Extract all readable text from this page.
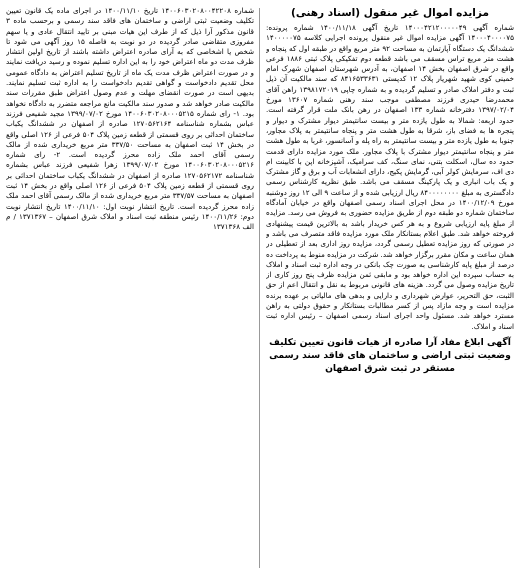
مزایده اموال غیر منقول (اسناد رهنی)

شماره آگهی ۱۴۰۰۰۴۲۱۲۰۰۰۰۰۴۹ تاریخ آگهی ۱۴۰۰/۱۱/۱۸ شماره پرونده: ۱۴۰۰۰۴۰۰۰۰۷۵ آگهی مزایده اموال غیر منقول پرونده اجرایی کلاسه ۱۴۰۰۰۰۰۷۵ ششدانگ یک دستگاه آپارتمان به مساحت ۹۲ متر مربع واقع در طبقه اول که پنجاه و هشت متر مربع تراس مسقف می باشد قطعه دوم تفکیکی پلاک ثبتی ۱۸۸۶ فرعی واقع در شرق اصفهان بخش ۱۴ اصفهان، به آدرس شهرستان اصفهان شهرک امام خمینی کوی شهید شهریار پلاک ۱۲ کدپستی ۸۴۱۶۵۳۳۶۳۱ که سند مالکیت آن ذیل ثبت و دفتر املاک صادر و تسلیم گردیده و به شماره چاپی ۱۳۹۸۱۷۲۰۱۹ راهن آقای محمدرضا حیدری فرزند مصطفی موجب سند رهنی شماره ۱۳۶۰۷ مورخ ۱۳۹۷/۰۲/۰۴ دفترخانه شماره ۱۳۳ اصفهان در رهن بانک ملت قرار گرفته است. حدود اربعه: شمالا به طول یازده متر و بیست سانتیمتر دیوار مشترک و دیوار و پنجره ها به فضای باز، شرقا به طول هشت متر و پنجاه سانتیمتر به پلاک مجاور، جنوبا به طول یازده متر و بیست سانتیمتر به راه پله و آسانسور، غربا به طول هشت متر و پنجاه سانتیمتر دیوار مشترک با پلاک مجاور. ملک مورد مزایده دارای قدمت حدود ده سال، اسکلت بتنی، نمای سنگ، کف سرامیک، آشپزخانه اپن با کابینت ام دی اف، سرمایش کولر آبی، گرمایش پکیج، دارای انشعابات آب و برق و گاز مشترک و یک باب انباری و یک پارکینگ مسقف می باشد. طبق نظریه کارشناس رسمی دادگستری به مبلغ ۸۴۰۰۰۰۰۰۰۰ ریال ارزیابی شده و از ساعت ۹ الی ۱۲ روز دوشنبه مورخ ۱۴۰۰/۱۲/۰۹ در محل اجرای اسناد رسمی اصفهان واقع در خیابان آمادگاه ساختمان شماره دو طبقه دوم از طریق مزایده حضوری به فروش می رسد. مزایده از مبلغ پایه ارزیابی شروع و به هر کس خریدار باشد به بالاترین قیمت پیشنهادی فروخته خواهد شد. طبق اعلام بستانکار ملک مورد مزایده فاقد متصرف می باشد و در صورتی که روز مزایده تعطیل رسمی گردد، مزایده روز اداری بعد از تعطیلی در همان ساعت و مکان مقرر برگزار خواهد شد. شرکت در مزایده منوط به پرداخت ده درصد از مبلغ پایه کارشناسی به صورت چک بانکی در وجه اداره ثبت اسناد و املاک به حساب سپرده این اداره خواهد بود و مابقی ثمن مزایده ظرف پنج روز کاری از تاریخ مزایده وصول می گردد. هزینه های قانونی مربوط به نقل و انتقال اعم از حق الثبت، حق التحریر، عوارض شهرداری و دارایی و بدهی های مالیاتی بر عهده برنده مزایده است و وجه مازاد پس از کسر مطالبات بستانکار و حقوق دولتی به راهن مسترد خواهد شد. مسئول واحد اجرای اسناد رسمی اصفهان – رئیس اداره ثبت اسناد و املاک.

آگهی ابلاغ مفاد آرا صادره از هیات قانون تعیین تکلیف وضعیت ثبتی اراضی و ساختمان های فاقد سند رسمی مستقر در ثبت شرق اصفهان

شماره ۱۴۰۰۶۰۳۰۲۰۸۰۰۴۲۲۰۸ تاریخ ۱۴۰۰/۱۱/۱۰ در اجرای ماده یک قانون تعیین تکلیف وضعیت ثبتی اراضی و ساختمان های فاقد سند رسمی و برحسب ماده ۳ قانون مذکور آرا ذیل که از طرف این هیات مبنی بر تایید انتقال عادی و یا سهم مفروزی متقاضی صادر گردیده در دو نوبت به فاصله ۱۵ روز آگهی می شود تا شخص یا اشخاصی که به آرای صادره اعتراض داشته باشند از تاریخ اولین انتشار ظرف مدت دو ماه اعتراض خود را به این اداره تسلیم نموده و رسید دریافت نمایند و در صورت اعتراض ظرف مدت یک ماه از تاریخ تسلیم اعتراض به دادگاه عمومی محل تقدیم دادخواست و گواهی تقدیم دادخواست را به اداره ثبت تسلیم نمایند. بدیهی است در صورت انقضای مهلت و عدم وصول اعتراض طبق مقررات سند مالکیت صادر خواهد شد و صدور سند مالکیت مانع مراجعه متضرر به دادگاه نخواهد بود. ۱- رای شماره ۱۴۰۰۶۰۳۰۲۰۸۰۰۰۵۲۱۵ مورخ ۱۳۹۹/۰۷/۰۲ مجید شفیعی فرزند عباس بشماره شناسنامه ۱۲۷۰۵۶۲۱۶۴ صادره از اصفهان در ششدانگ یکباب ساختمان احداثی بر روی قسمتی از قطعه زمین پلاک ۵۰۴ فرعی از ۱۲۶ اصلی واقع در بخش ۱۴ ثبت اصفهان به مساحت ۳۳۷/۵۰ متر مربع خریداری شده از مالک رسمی آقای احمد ملک زاده محرز گردیده است. ۲- رای شماره ۱۴۰۰۶۰۳۰۲۰۸۰۰۰۵۲۱۶ مورخ ۱۳۹۹/۰۷/۰۲ زهرا شفیعی فرزند عباس بشماره شناسنامه ۱۲۷۰۵۶۲۱۷۲ صادره از اصفهان در ششدانگ یکباب ساختمان احداثی بر روی قسمتی از قطعه زمین پلاک ۵۰۴ فرعی از ۱۲۶ اصلی واقع در بخش ۱۴ ثبت اصفهان به مساحت ۳۳۷/۵۷ متر مربع خریداری شده از مالک رسمی آقای احمد ملک زاده محرز گردیده است. تاریخ انتشار نوبت اول: ۱۴۰۰/۱۱/۱۰ تاریخ انتشار نوبت دوم: ۱۴۰۰/۱۱/۲۶ رئیس منطقه ثبت اسناد و املاک شرق اصفهان – ۱۳۷۱۳۶۷ / م الف ۱۳۷۱۳۶۸
